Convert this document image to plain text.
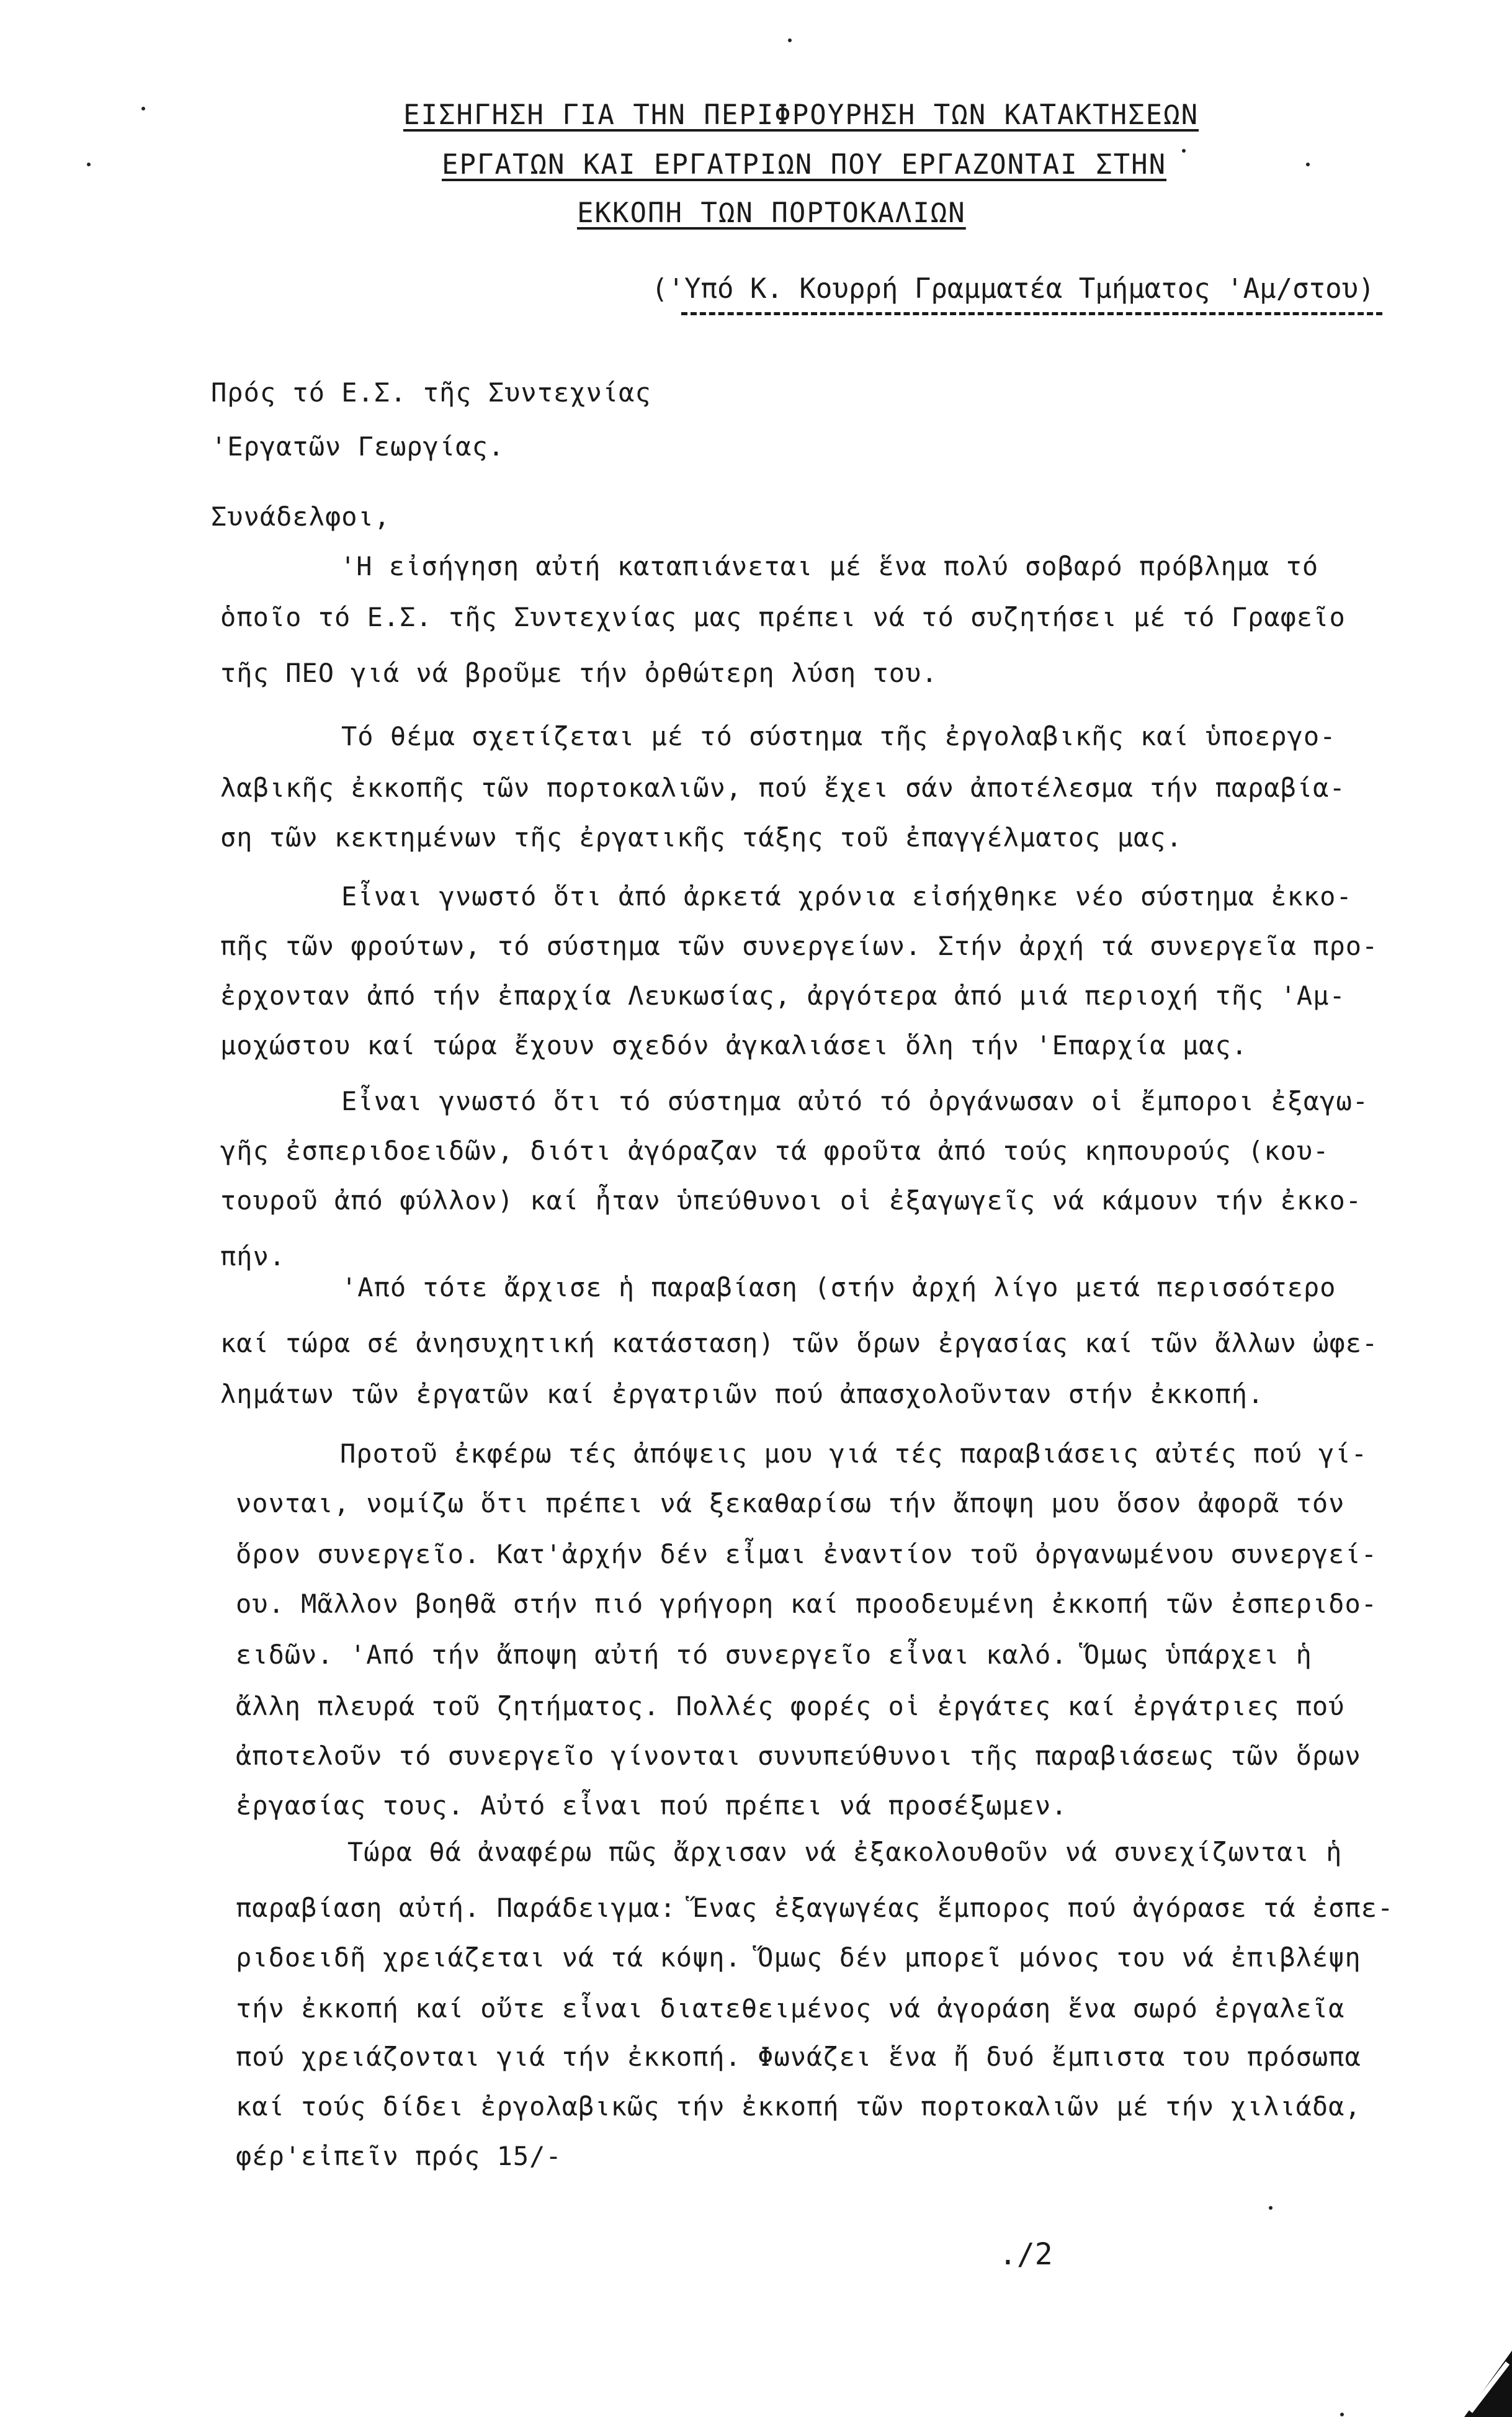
ΕΙΣΗΓΗΣΗ ΓΙΑ ΤΗΝ ΠΕΡΙΦΡΟΥΡΗΣΗ ΤΩΝ ΚΑΤΑΚΤΗΣΕΩΝ
ΕΡΓΑΤΩΝ ΚΑΙ ΕΡΓΑΤΡΙΩΝ ΠΟΥ ΕΡΓΑΖΟΝΤΑΙ ΣΤΗΝ
ΕΚΚΟΠΗ ΤΩΝ ΠΟΡΤΟΚΑΛΙΩΝ
('Υπό Κ. Κουρρή Γραμματέα Τμήματος 'Αμ/στου)
Πρός τό Ε.Σ. τῆς Συντεχνίας
'Εργατῶν Γεωργίας.
Συνάδελφοι,
'Η εἰσήγηση αὐτή καταπιάνεται μέ ἕνα πολύ σοβαρό πρόβλημα τό
ὁποῖο τό Ε.Σ. τῆς Συντεχνίας μας πρέπει νά τό συζητήσει μέ τό Γραφεῖο
τῆς ΠΕΟ γιά νά βροῦμε τήν ὀρθώτερη λύση του.
Τό θέμα σχετίζεται μέ τό σύστημα τῆς ἐργολαβικῆς καί ὑποεργο-
λαβικῆς ἐκκοπῆς τῶν πορτοκαλιῶν, πού ἔχει σάν ἀποτέλεσμα τήν παραβία-
ση τῶν κεκτημένων τῆς ἐργατικῆς τάξης τοῦ ἐπαγγέλματος μας.
Εἶναι γνωστό ὅτι ἀπό ἀρκετά χρόνια εἰσήχθηκε νέο σύστημα ἐκκο-
πῆς τῶν φρούτων, τό σύστημα τῶν συνεργείων. Στήν ἀρχή τά συνεργεῖα πρo-
ἐρχονταν ἀπό τήν ἐπαρχία Λευκωσίας, ἀργότερα ἀπό μιά περιοχή τῆς 'Αμ-
μοχώστου καί τώρα ἔχουν σχεδόν ἀγκαλιάσει ὅλη τήν 'Επαρχία μας.
Εἶναι γνωστό ὅτι τό σύστημα αὐτό τό ὀργάνωσαν οἱ ἔμποροι ἐξαγω-
γῆς ἐσπεριδοειδῶν, διότι ἀγόραζαν τά φροῦτα ἀπό τούς κηπουρούς (κου-
τουροῦ ἀπό φύλλον) καί ἦταν ὑπεύθυνοι οἱ ἐξαγωγεῖς νά κάμουν τήν ἐκκο-
πήν.
'Από τότε ἄρχισε ἡ παραβίαση (στήν ἀρχή λίγο μετά περισσότερο
καί τώρα σέ ἀνησυχητική κατάσταση) τῶν ὅρων ἐργασίας καί τῶν ἄλλων ὠφε-
λημάτων τῶν ἐργατῶν καί ἐργατριῶν πού ἀπασχολοῦνταν στήν ἐκκοπή.
Προτοῦ ἐκφέρω τές ἀπόψεις μου γιά τές παραβιάσεις αὐτές πού γί-
νονται, νομίζω ὅτι πρέπει νά ξεκαθαρίσω τήν ἄποψη μου ὅσον ἀφορᾶ τόν
ὅρον συνεργεῖο. Κατ'ἀρχήν δέν εἶμαι ἐναντίον τοῦ ὀργανωμένου συνεργεί-
ου. Μᾶλλον βοηθᾶ στήν πιό γρήγορη καί προοδευμένη ἐκκοπή τῶν ἐσπεριδο-
ειδῶν. 'Από τήν ἄποψη αὐτή τό συνεργεῖο εἶναι καλό. Ὅμως ὑπάρχει ἡ
ἄλλη πλευρά τοῦ ζητήματος. Πολλές φορές οἱ ἐργάτες καί ἐργάτριες πού
ἀποτελοῦν τό συνεργεῖο γίνονται συνυπεύθυνοι τῆς παραβιάσεως τῶν ὅρων
ἐργασίας τους. Αὐτό εἶναι πού πρέπει νά προσέξωμεν.
Τώρα θά ἀναφέρω πῶς ἄρχισαν νά ἐξακολουθοῦν νά συνεχίζωνται ἡ
παραβίαση αὐτή. Παράδειγμα: Ἕνας ἐξαγωγέας ἔμπορος πού ἀγόρασε τά ἐσπε-
ριδοειδῆ χρειάζεται νά τά κόψη. Ὅμως δέν μπορεῖ μόνος του νά ἐπιβλέψη
τήν ἐκκοπή καί οὔτε εἶναι διατεθειμένος νά ἀγοράση ἕνα σωρό ἐργαλεῖα
πού χρειάζονται γιά τήν ἐκκοπή. Φωνάζει ἕνα ἤ δυό ἔμπιστα του πρόσωπα
καί τούς δίδει ἐργολαβικῶς τήν ἐκκοπή τῶν πορτοκαλιῶν μέ τήν χιλιάδα,
φέρ'εἰπεῖν πρός 15/-
./2
